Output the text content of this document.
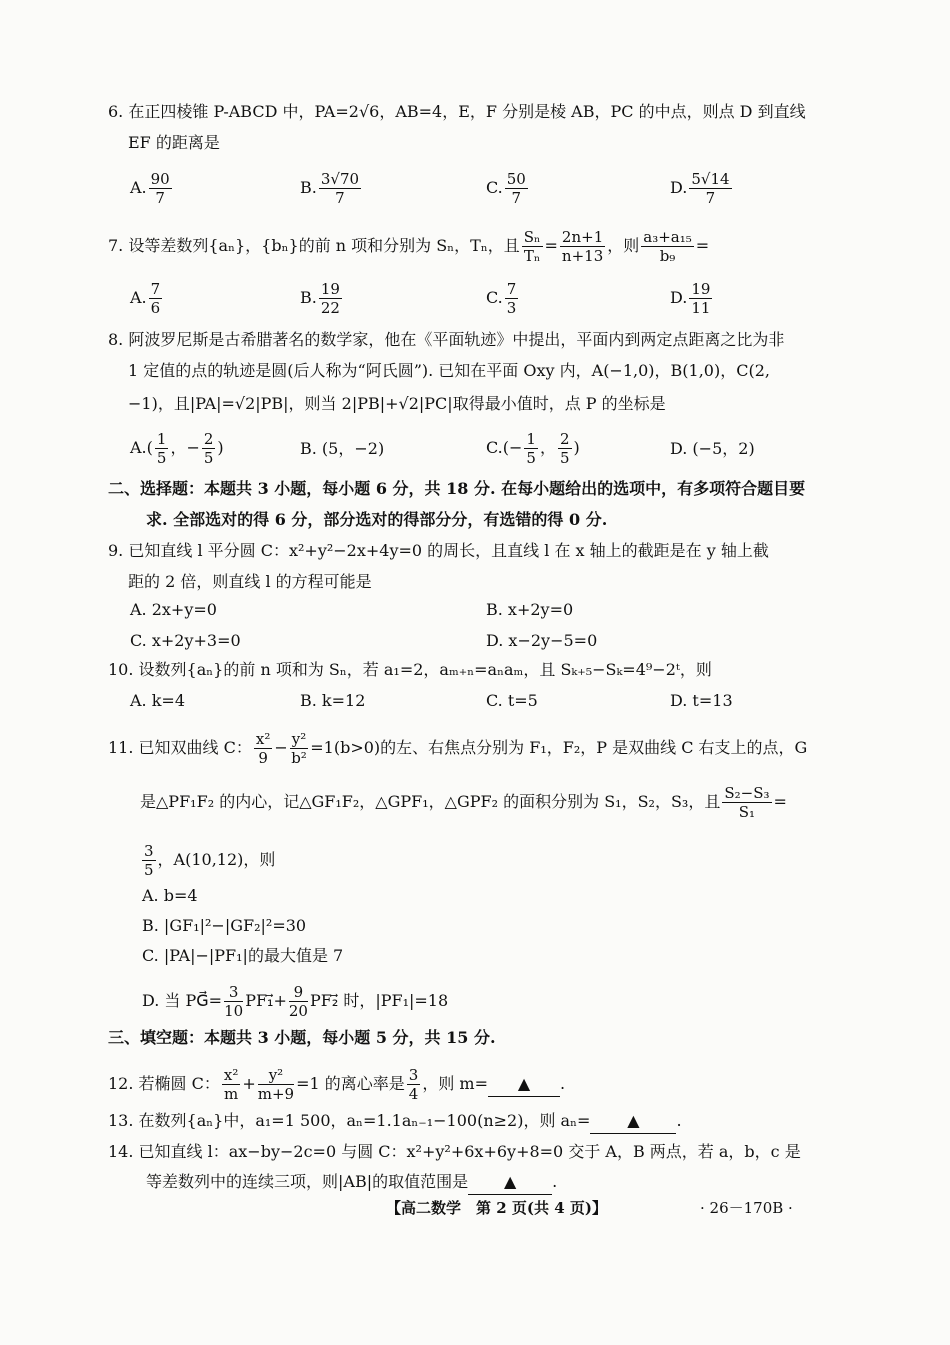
6. 在正四棱锥 P-ABCD 中，PA=2√6，AB=4，E，F 分别是棱 AB，PC 的中点，则点 D 到直线
EF 的距离是
A. $\frac{90}{7}$	B. $\frac{3√70}{7}$	C. $\frac{50}{7}$	D. $\frac{5√14}{7}$
7. 设等差数列{aₙ}，{bₙ}的前 n 项和分别为 Sₙ，Tₙ，且 $\frac{\text{Sₙ}}{\text{Tₙ}} = \frac{2n+1}{n+13}$ ，则 $\frac{\text{a₃+a₁₅}}{\text{b₉}}$ =
A. $\frac{7}{6}$	B. $\frac{19}{22}$	C. $\frac{7}{3}$	D. $\frac{19}{11}$
8. 阿波罗尼斯是古希腊著名的数学家，他在《平面轨迹》中提出，平面内到两定点距离之比为非
1 定值的点的轨迹是圆(后人称为“阿氏圆”). 已知在平面 Oxy 内，A(−1,0)，B(1,0)，C(2,
−1)，且|PA|=√2|PB|，则当 2|PB|+√2|PC|取得最小值时，点 P 的坐标是
$A.( \frac{1}{5}$ ，− $\frac{2}{5}$ )	B. (5，−2)	$C.(- \frac{1}{5}$ ， $\frac{2}{5}$ )	D. (−5，2)
二、选择题：本题共 3 小题，每小题 6 分，共 18 分. 在每小题给出的选项中，有多项符合题目要
求. 全部选对的得 6 分，部分选对的得部分分，有选错的得 0 分.
9. 已知直线 l 平分圆 C：x²+y²−2x+4y=0 的周长，且直线 l 在 x 轴上的截距是在 y 轴上截
距的 2 倍，则直线 l 的方程可能是
A. 2x+y=0	B. x+2y=0
C. x+2y+3=0	D. x−2y−5=0
10. 设数列{aₙ}的前 n 项和为 Sₙ，若 a₁=2，aₘ₊ₙ=aₙaₘ，且 Sₖ₊₅−Sₖ=4⁹−2ᵗ，则
A. k=4	B. k=12	C. t=5	D. t=13
11. 已知双曲线 C： $\frac{\text{x²}}{9} - \frac{\text{y²}}{\text{b²}} =1(b>0)$的左、右焦点分别为 F₁，F₂，P 是双曲线 C 右支上的点，G
是△PF₁F₂ 的内心，记△GF₁F₂，△GPF₁，△GPF₂ 的面积分别为 S₁，S₂，S₃，且 $\frac{\text{S₂−S₃}}{\text{S₁}}$ =
$\frac{3}{5}$ ，A(10,12)，则
A. b=4
B. |GF₁|²−|GF₂|²=30
C. |PA|−|PF₁|的最大值是 7
D. 当 PG⃗= $\frac{3}{10}$ PF₁⃗+ $\frac{9}{20}$ PF₂⃗ 时，|PF₁|=18
三、填空题：本题共 3 小题，每小题 5 分，共 15 分.
12. 若椭圆 C： $\frac{\text{x²}}{m} + \frac{\text{y²}}{m+9} =1$ 的离心率是 $\frac{3}{4}$ ，则 m= ▲ .
13. 在数列{aₙ}中，a₁=1 500，aₙ=1.1aₙ₋₁−100(n≥2)，则 aₙ= ▲ .
14. 已知直线 l：ax−by−2c=0 与圆 C：x²+y²+6x+6y+8=0 交于 A，B 两点，若 a，b，c 是
等差数列中的连续三项，则|AB|的取值范围是 ▲ .
【高二数学　第 2 页(共 4 页)】	· 26－170B ·
